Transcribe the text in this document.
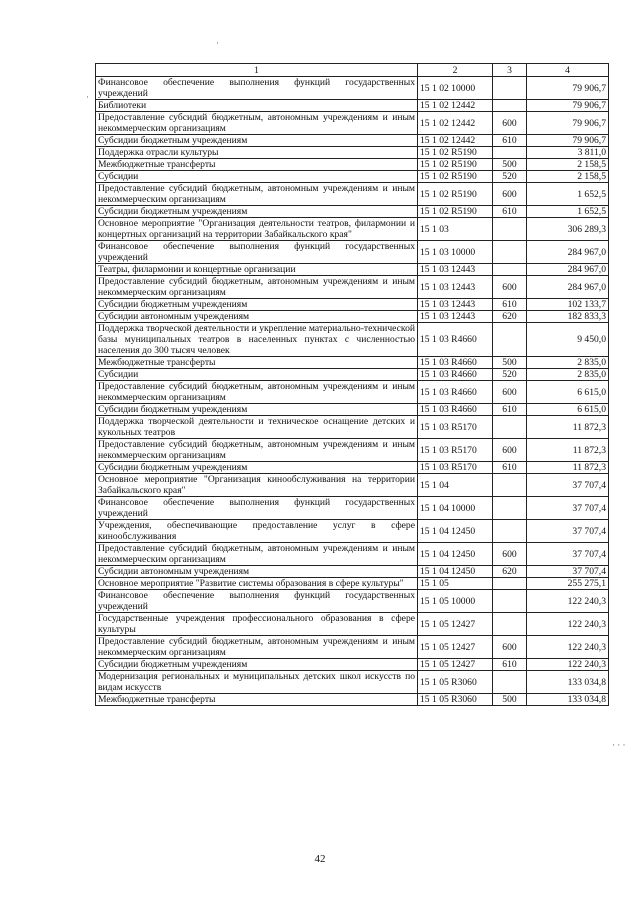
·
·
· · ·
1	2	3	4
Финансовое обеспечение выполнения функций государственных учреждений	15 1 02 10000		79 906,7
Библиотеки	15 1 02 12442		79 906,7
Предоставление субсидий бюджетным, автономным учреждениям и иным некоммерческим организациям	15 1 02 12442	600	79 906,7
Субсидии бюджетным учреждениям	15 1 02 12442	610	79 906,7
Поддержка отрасли культуры	15 1 02 R5190		3 811,0
Межбюджетные трансферты	15 1 02 R5190	500	2 158,5
Субсидии	15 1 02 R5190	520	2 158,5
Предоставление субсидий бюджетным, автономным учреждениям и иным некоммерческим организациям	15 1 02 R5190	600	1 652,5
Субсидии бюджетным учреждениям	15 1 02 R5190	610	1 652,5
Основное мероприятие "Организация деятельности театров, филармонии и концертных организаций на территории Забайкальского края"	15 1 03		306 289,3
Финансовое обеспечение выполнения функций государственных учреждений	15 1 03 10000		284 967,0
Театры, филармонии и концертные организации	15 1 03 12443		284 967,0
Предоставление субсидий бюджетным, автономным учреждениям и иным некоммерческим организациям	15 1 03 12443	600	284 967,0
Субсидии бюджетным учреждениям	15 1 03 12443	610	102 133,7
Субсидии автономным учреждениям	15 1 03 12443	620	182 833,3
Поддержка творческой деятельности и укрепление материально-технической базы муниципальных театров в населенных пунктах с численностью населения до 300 тысяч человек	15 1 03 R4660		9 450,0
Межбюджетные трансферты	15 1 03 R4660	500	2 835,0
Субсидии	15 1 03 R4660	520	2 835,0
Предоставление субсидий бюджетным, автономным учреждениям и иным некоммерческим организациям	15 1 03 R4660	600	6 615,0
Субсидии бюджетным учреждениям	15 1 03 R4660	610	6 615,0
Поддержка творческой деятельности и техническое оснащение детских и кукольных театров	15 1 03 R5170		11 872,3
Предоставление субсидий бюджетным, автономным учреждениям и иным некоммерческим организациям	15 1 03 R5170	600	11 872,3
Субсидии бюджетным учреждениям	15 1 03 R5170	610	11 872,3
Основное мероприятие "Организация кинообслуживания на территории Забайкальского края"	15 1 04		37 707,4
Финансовое обеспечение выполнения функций государственных учреждений	15 1 04 10000		37 707,4
Учреждения, обеспечивающие предоставление услуг в сфере кинообслуживания	15 1 04 12450		37 707,4
Предоставление субсидий бюджетным, автономным учреждениям и иным некоммерческим организациям	15 1 04 12450	600	37 707,4
Субсидии автономным учреждениям	15 1 04 12450	620	37 707,4
Основное мероприятие "Развитие системы образования в сфере культуры"	15 1 05		255 275,1
Финансовое обеспечение выполнения функций государственных учреждений	15 1 05 10000		122 240,3
Государственные учреждения профессионального образования в сфере культуры	15 1 05 12427		122 240,3
Предоставление субсидий бюджетным, автономным учреждениям и иным некоммерческим организациям	15 1 05 12427	600	122 240,3
Субсидии бюджетным учреждениям	15 1 05 12427	610	122 240,3
Модернизация региональных и муниципальных детских школ искусств по видам искусств	15 1 05 R3060		133 034,8
Межбюджетные трансферты	15 1 05 R3060	500	133 034,8
42
